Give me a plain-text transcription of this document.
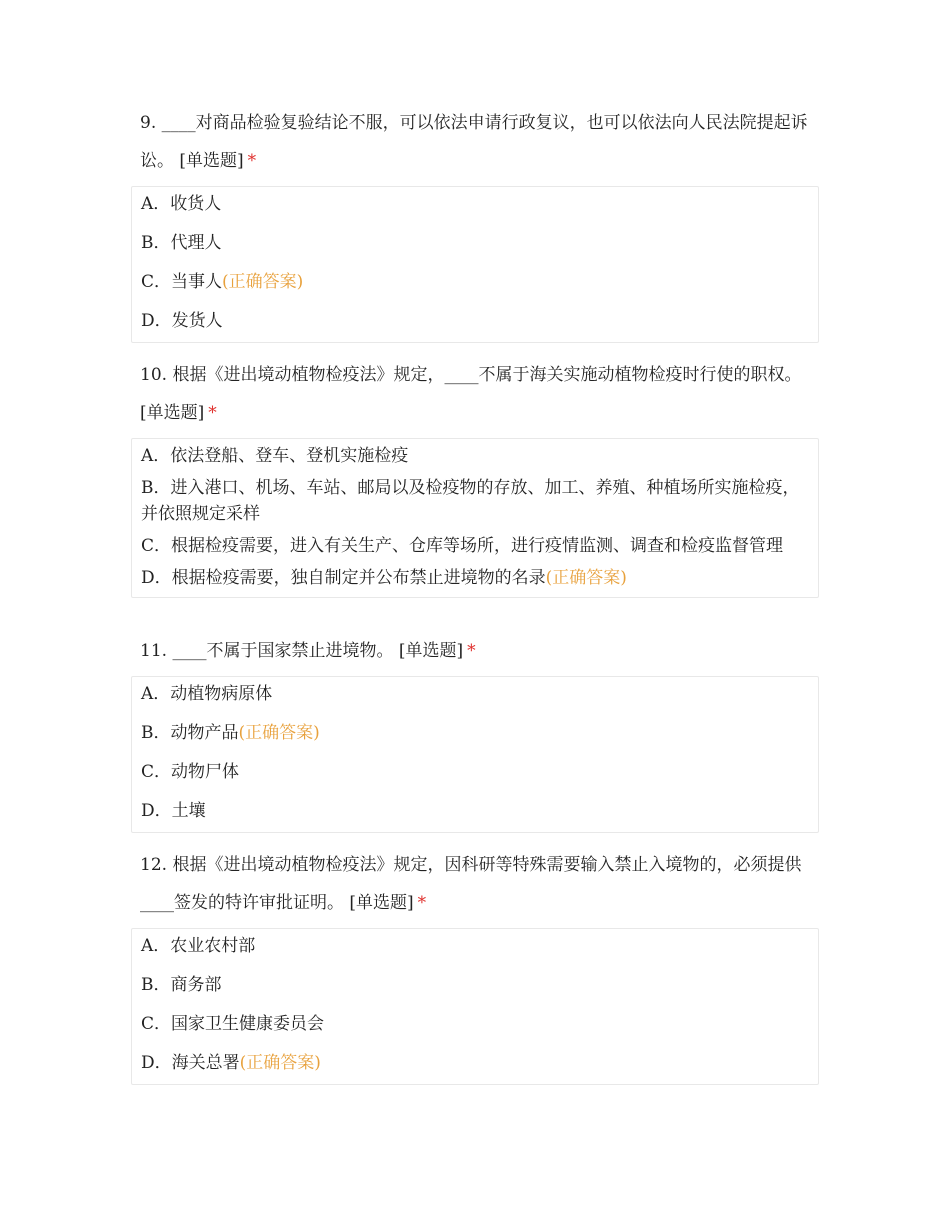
9. ____对商品检验复验结论不服，可以依法申请行政复议，也可以依法向人民法院提起诉讼。 [单选题] *
A．收货人
B．代理人
C．当事人(正确答案)
D．发货人
10. 根据《进出境动植物检疫法》规定，____不属于海关实施动植物检疫时行使的职权。 [单选题] *
A．依法登船、登车、登机实施检疫
B．进入港口、机场、车站、邮局以及检疫物的存放、加工、养殖、种植场所实施检疫，并依照规定采样
C．根据检疫需要，进入有关生产、仓库等场所，进行疫情监测、调查和检疫监督管理
D．根据检疫需要，独自制定并公布禁止进境物的名录(正确答案)
11. ____不属于国家禁止进境物。 [单选题] *
A．动植物病原体
B．动物产品(正确答案)
C．动物尸体
D．土壤
12. 根据《进出境动植物检疫法》规定，因科研等特殊需要输入禁止入境物的，必须提供____签发的特许审批证明。 [单选题] *
A．农业农村部
B．商务部
C．国家卫生健康委员会
D．海关总署(正确答案)
